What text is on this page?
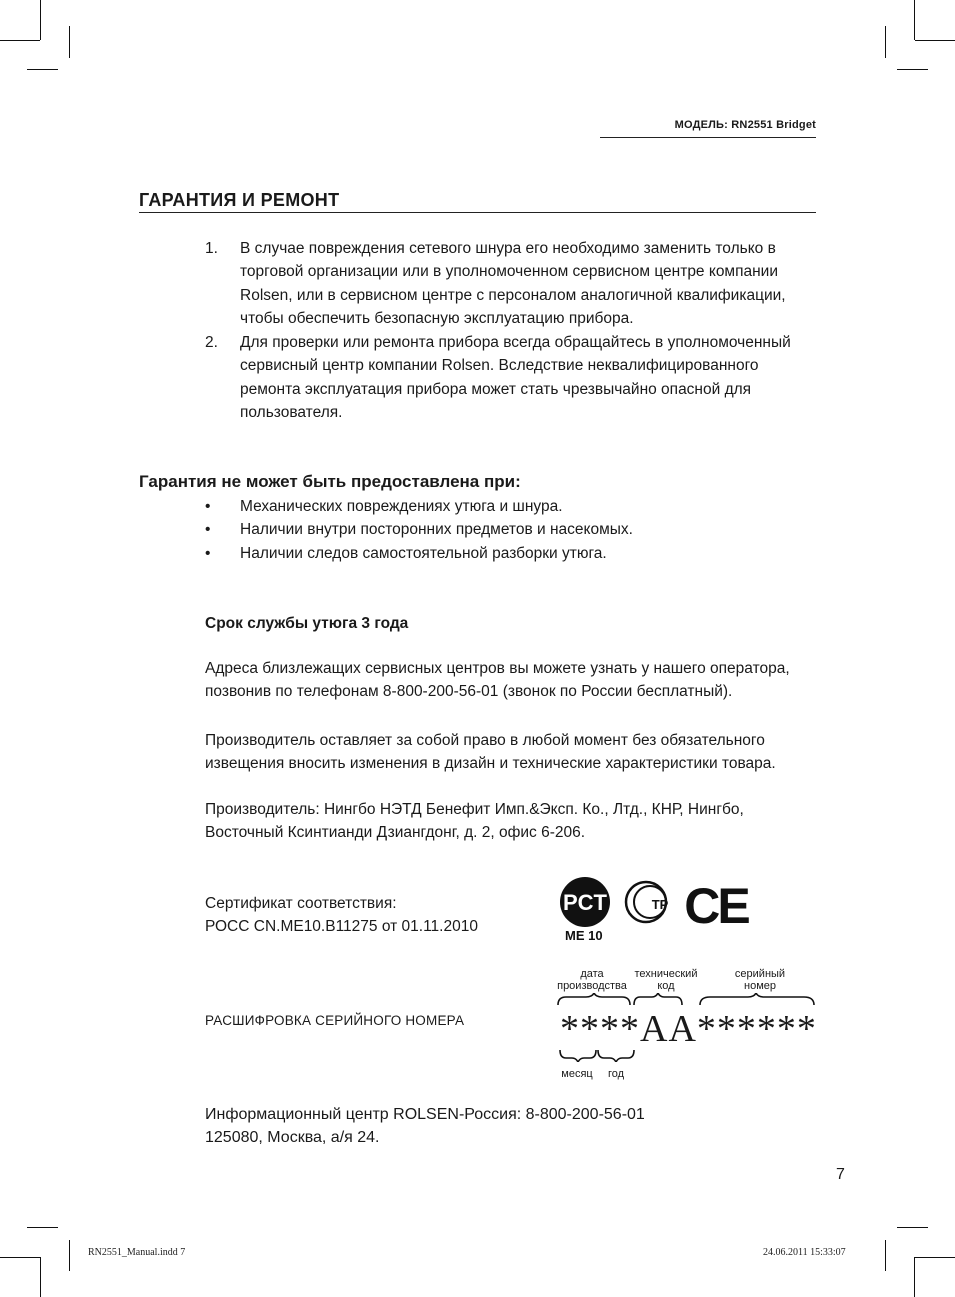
МОДЕЛЬ: RN2551 Bridget
ГАРАНТИЯ И РЕМОНТ
1. В случае повреждения сетевого шнура его необходимо заменить только в
торговой организации или в уполномоченном сервисном центре компании
Rolsen, или в сервисном центре с персоналом аналогичной квалификации,
чтобы обеспечить безопасную эксплуатацию прибора.
2. Для проверки или ремонта прибора всегда обращайтесь в уполномоченный
сервисный центр компании Rolsen. Вследствие неквалифицированного
ремонта эксплуатация прибора может стать чрезвычайно опасной для
пользователя.
Гарантия не может быть предоставлена при:
• Механических повреждениях утюга и шнура.
• Наличии внутри посторонних предметов и насекомых.
• Наличии следов самостоятельной разборки утюга.
Срок службы утюга 3 года
Адреса близлежащих сервисных центров вы можете узнать у нашего оператора,
позвонив по телефонам 8-800-200-56-01 (звонок по России бесплатный).
Производитель оставляет за собой право в любой момент без обязательного
извещения вносить изменения в дизайн и технические характеристики товара.
Производитель: Нингбо НЭТД Бенефит Имп.&Эксп. Ко., Лтд., КНР, Нингбо,
Восточный Ксинтианди Дзиангдонг, д. 2, офис 6-206.
Сертификат соответствия:
РОСС CN.ME10.B11275 от 01.11.2010
PCT
ME 10
ТР CE
дата
производства
технический
код
серийный
номер
РАСШИФРОВКА СЕРИЙНОГО НОМЕРА	****AA******
месяц	год
Информационный центр ROLSEN-Россия: 8-800-200-56-01
125080, Москва, а/я 24.
7
RN2551_Manual.indd 7	24.06.2011 15:33:07
